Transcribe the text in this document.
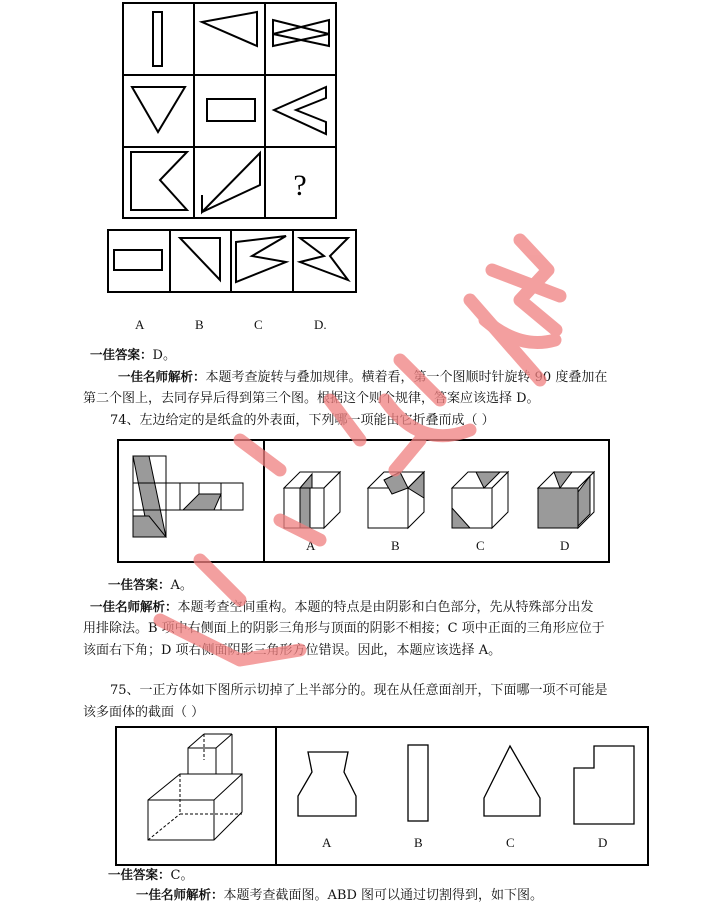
?
A	B	C	D.
一佳答案：D。
一佳名师解析：本题考查旋转与叠加规律。横着看，第一个图顺时针旋转 90 度叠加在
第二个图上，去同存异后得到第三个图。根据这个则个规律，答案应该选择 D。
74、左边给定的是纸盒的外表面，下列哪一项能由它折叠而成（ ）
A	B	C	D
一佳答案：A。
一佳名师解析：本题考查空间重构。本题的特点是由阴影和白色部分，先从特殊部分出发
用排除法。B 项中右侧面上的阴影三角形与顶面的阴影不相接；C 项中正面的三角形应位于
该面右下角；D 项右侧面阴影三角形方位错误。因此，本题应该选择 A。
75、一正方体如下图所示切掉了上半部分的。现在从任意面剖开，下面哪一项不可能是
该多面体的截面（ ）
A	B	C	D
一佳答案：C。
一佳名师解析：本题考查截面图。ABD 图可以通过切割得到，如下图。
